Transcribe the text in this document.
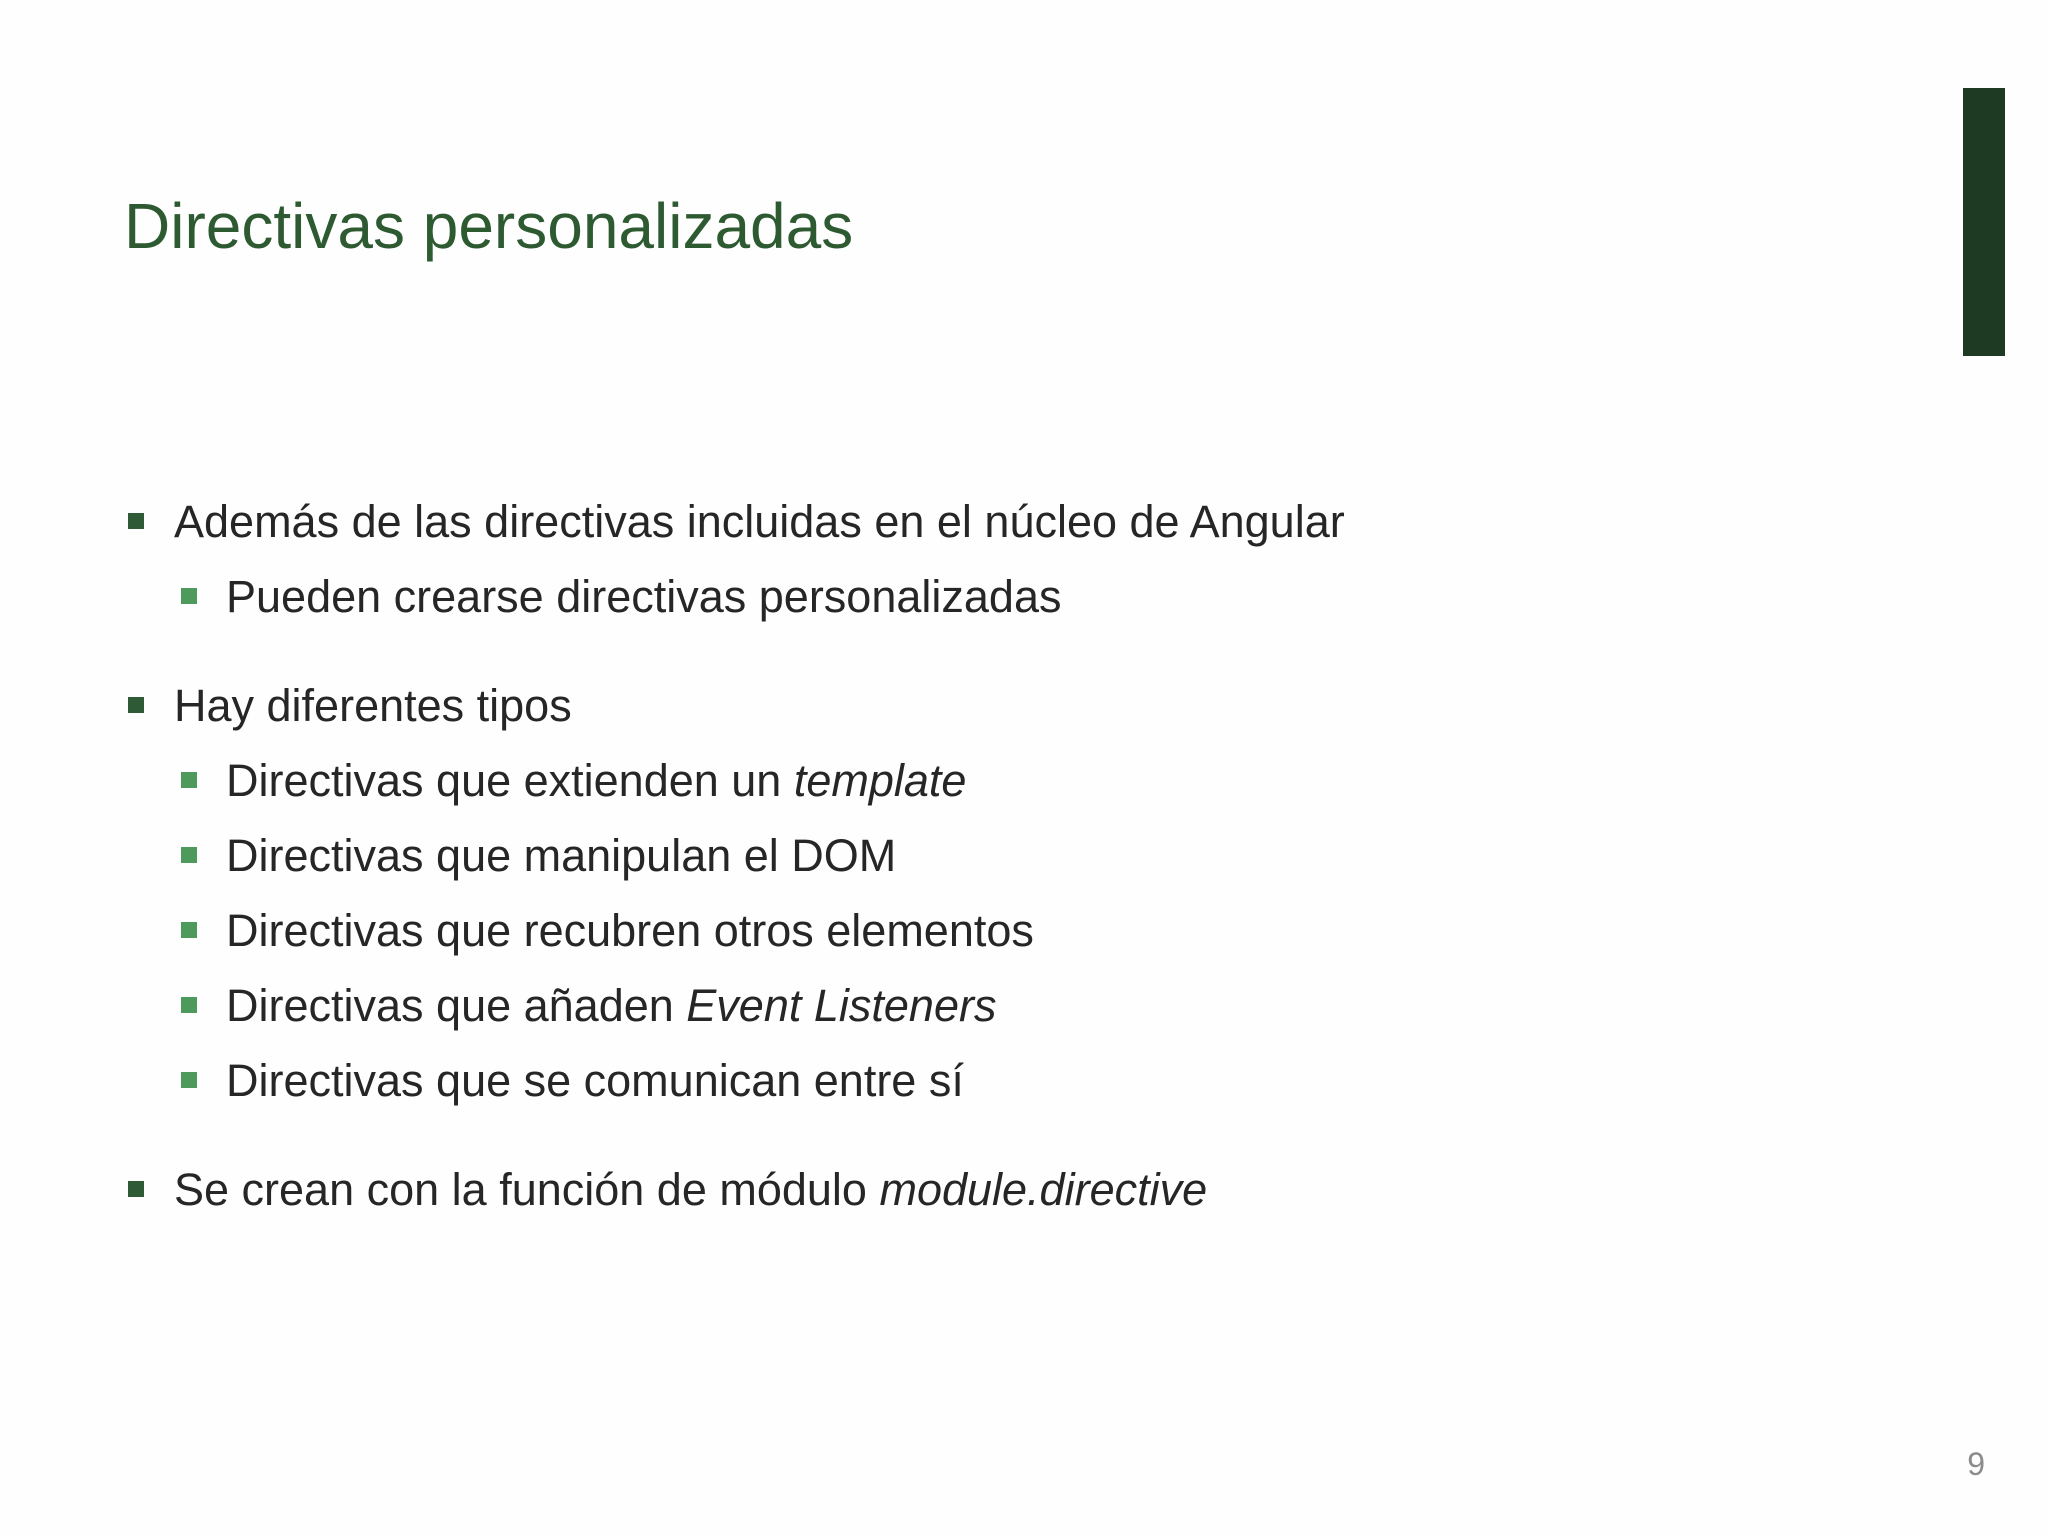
Directivas personalizadas
Además de las directivas incluidas en el núcleo de Angular
Pueden crearse directivas personalizadas
Hay diferentes tipos
Directivas que extienden un template
Directivas que manipulan el DOM
Directivas que recubren otros elementos
Directivas que añaden Event Listeners
Directivas que se comunican entre sí
Se crean con la función de módulo module.directive
9
